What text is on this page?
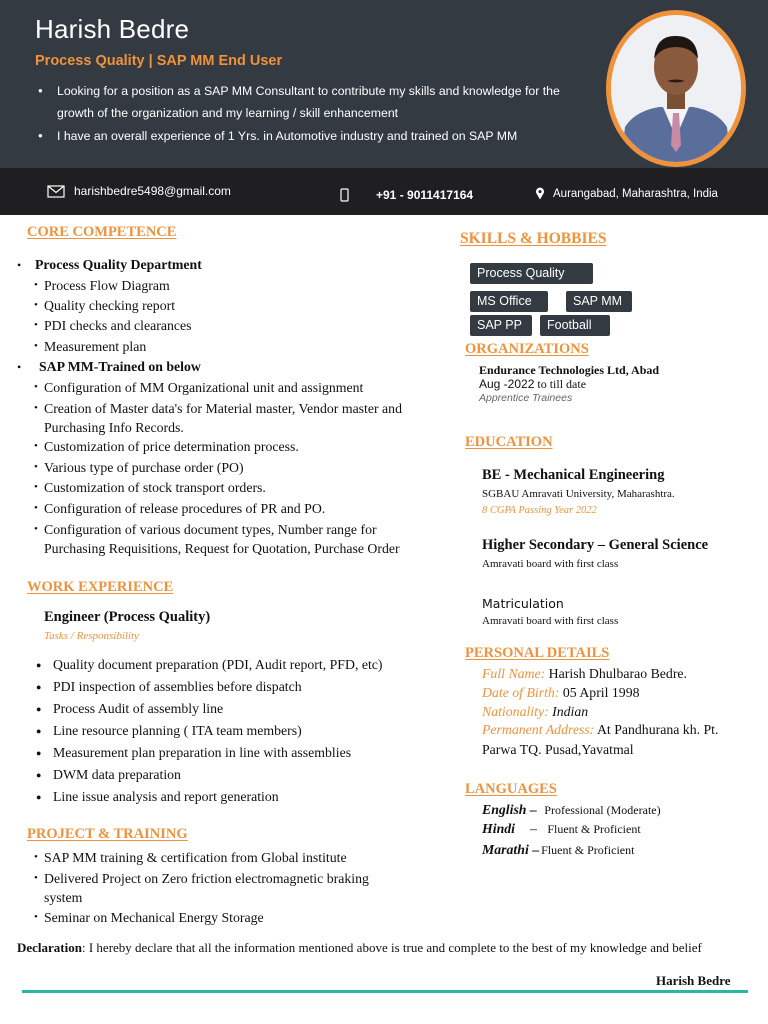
Harish Bedre
Process Quality | SAP MM End User
● Looking for a position as a SAP MM Consultant to contribute my skills and knowledge for the growth of the organization and my learning / skill enhancement
● I have an overall experience of 1 Yrs. in Automotive industry and trained on SAP MM
harishbedre5498@gmail.com	+91 - 9011417164	Aurangabad, Maharashtra, India
CORE COMPETENCE
• Process Quality Department
• Process Flow Diagram
• Quality checking report
• PDI checks and clearances
• Measurement plan
• SAP MM-Trained on below
• Configuration of MM Organizational unit and assignment
• Creation of Master data's for Material master, Vendor master and Purchasing Info Records.
• Customization of price determination process.
• Various type of purchase order (PO)
• Customization of stock transport orders.
• Configuration of release procedures of PR and PO.
• Configuration of various document types, Number range for Purchasing Requisitions, Request for Quotation, Purchase Order
WORK EXPERIENCE
Engineer (Process Quality)
Tasks / Responsibility
● Quality document preparation (PDI, Audit report, PFD, etc)
● PDI inspection of assemblies before dispatch
● Process Audit of assembly line
● Line resource planning ( ITA team members)
● Measurement plan preparation in line with assemblies
● DWM data preparation
● Line issue analysis and report generation
PROJECT & TRAINING
• SAP MM training & certification from Global institute
• Delivered Project on Zero friction electromagnetic braking system
• Seminar on Mechanical Energy Storage
SKILLS & HOBBIES
Process Quality
MS Office	SAP MM
SAP PP	Football
ORGANIZATIONS
Endurance Technologies Ltd, Abad
Aug -2022 to till date
Apprentice Trainees
EDUCATION
BE - Mechanical Engineering
SGBAU Amravati University, Maharashtra.
8 CGPA Passing Year 2022
Higher Secondary – General Science
Amravati board with first class
Matriculation
Amravati board with first class
PERSONAL DETAILS
Full Name: Harish Dhulbarao Bedre.
Date of Birth: 05 April 1998
Nationality: Indian
Permanent Address: At Pandhurana kh. Pt.
Parwa TQ. Pusad,Yavatmal
LANGUAGES
English – Professional (Moderate)
Hindi – Fluent & Proficient
Marathi – Fluent & Proficient
Declaration: I hereby declare that all the information mentioned above is true and complete to the best of my knowledge and belief
Harish Bedre
